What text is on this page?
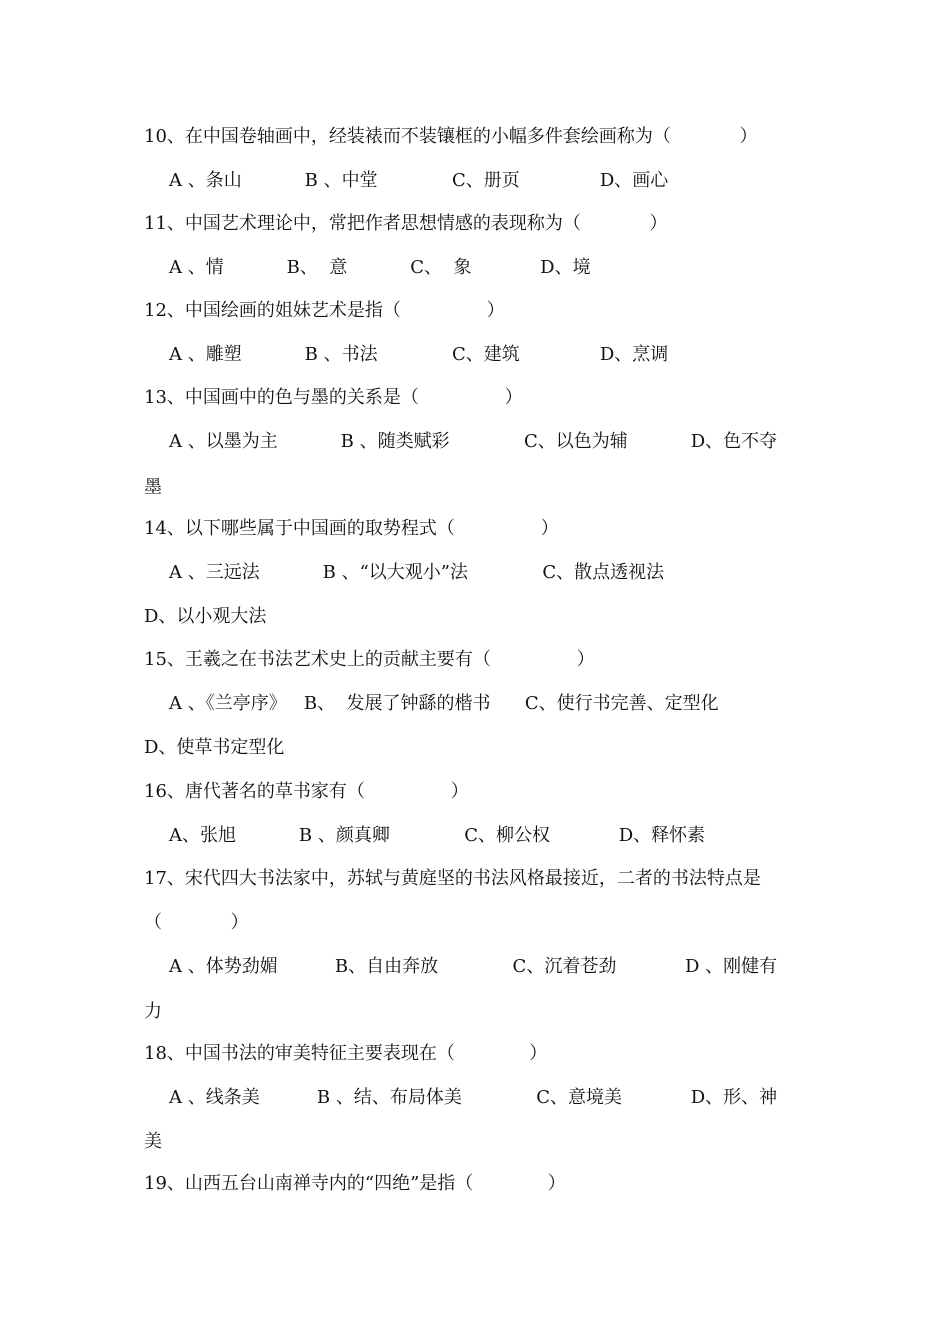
10、在中国卷轴画中，经装裱而不装镶框的小幅多件套绘画称为（            ）
A 、条山           B 、中堂             C、册页              D、画心
11、中国艺术理论中，常把作者思想情感的表现称为（            ）
A 、情           B、  意           C、  象            D、境
12、中国绘画的姐妹艺术是指（               ）
A 、雕塑           B 、书法             C、建筑              D、烹调
13、中国画中的色与墨的关系是（               ）
A 、以墨为主           B 、随类赋彩             C、以色为辅           D、色不夺
墨
14、以下哪些属于中国画的取势程式（               ）
A 、三远法           B 、“以大观小”法             C、散点透视法
D、以小观大法
15、王羲之在书法艺术史上的贡献主要有（               ）
A 、《兰亭序》   B、  发展了钟繇的楷书      C、使行书完善、定型化
D、使草书定型化
16、唐代著名的草书家有（               ）
A、张旭           B 、颜真卿             C、柳公权            D、释怀素
17、宋代四大书法家中，苏轼与黄庭坚的书法风格最接近，二者的书法特点是
（            ）
A 、体势劲媚          B、自由奔放             C、沉着苍劲            D 、刚健有
力
18、中国书法的审美特征主要表现在（             ）
A 、线条美          B 、结、布局体美             C、意境美            D、形、神
美
19、山西五台山南禅寺内的“四绝”是指（             ）
